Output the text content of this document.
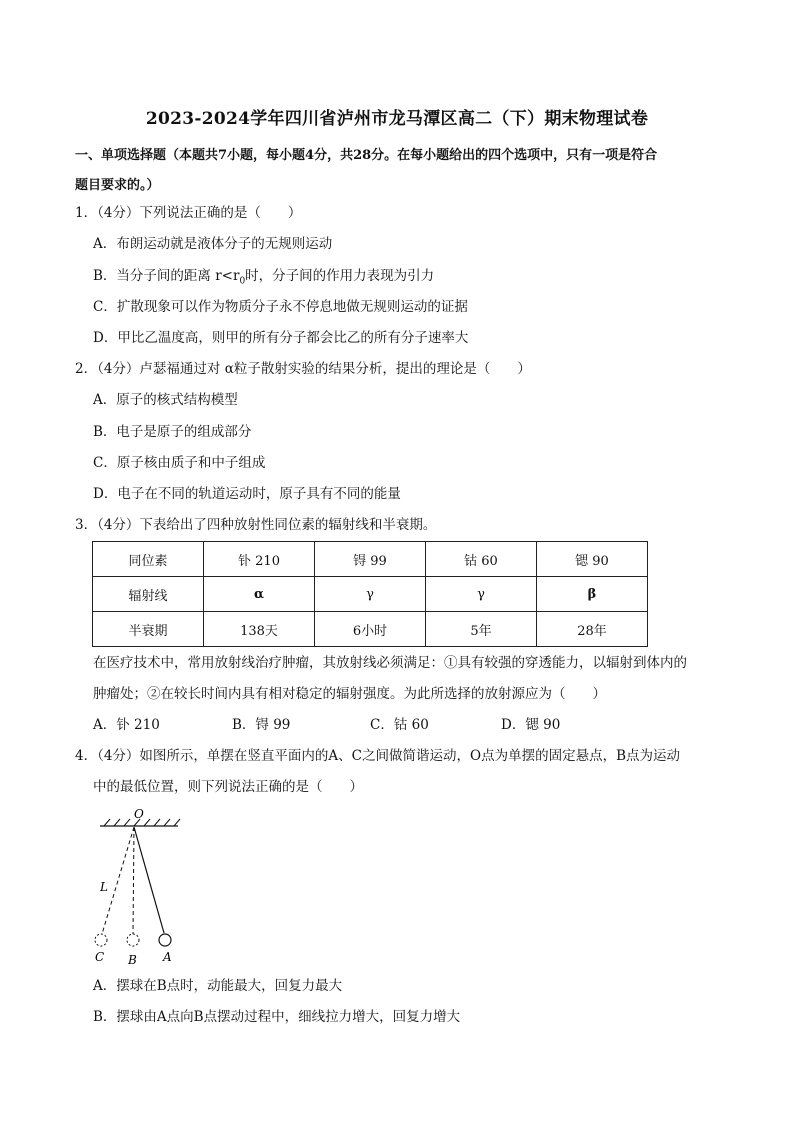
2023-2024学年四川省泸州市龙马潭区高二（下）期末物理试卷
一、单项选择题（本题共7小题，每小题4分，共28分。在每小题给出的四个选项中，只有一项是符合
题目要求的。）
1．（4分）下列说法正确的是（　　）
A．布朗运动就是液体分子的无规则运动
B．当分子间的距离 $r<r_0$时，分子间的作用力表现为引力
C．扩散现象可以作为物质分子永不停息地做无规则运动的证据
D．甲比乙温度高，则甲的所有分子都会比乙的所有分子速率大
2．（4分）卢瑟福通过对 α粒子散射实验的结果分析，提出的理论是（　　）
A．原子的核式结构模型
B．电子是原子的组成部分
C．原子核由质子和中子组成
D．电子在不同的轨道运动时，原子具有不同的能量
3．（4分）下表给出了四种放射性同位素的辐射线和半衰期。
同位素	钋 210	锝 99	钴 60	锶 90
辐射线	α	γ	γ	β
半衰期	138天	6小时	5年	28年
在医疗技术中，常用放射线治疗肿瘤，其放射线必须满足：①具有较强的穿透能力，以辐射到体内的
肿瘤处；②在较长时间内具有相对稳定的辐射强度。为此所选择的放射源应为（　　）
A．钋 210	B．锝 99	C．钴 60	D．锶 90
4．（4分）如图所示，单摆在竖直平面内的A、C之间做简谐运动，O点为单摆的固定悬点，B点为运动
中的最低位置，则下列说法正确的是（　　）
O
L
C B A
A．摆球在B点时，动能最大，回复力最大
B．摆球由A点向B点摆动过程中，细线拉力增大，回复力增大
